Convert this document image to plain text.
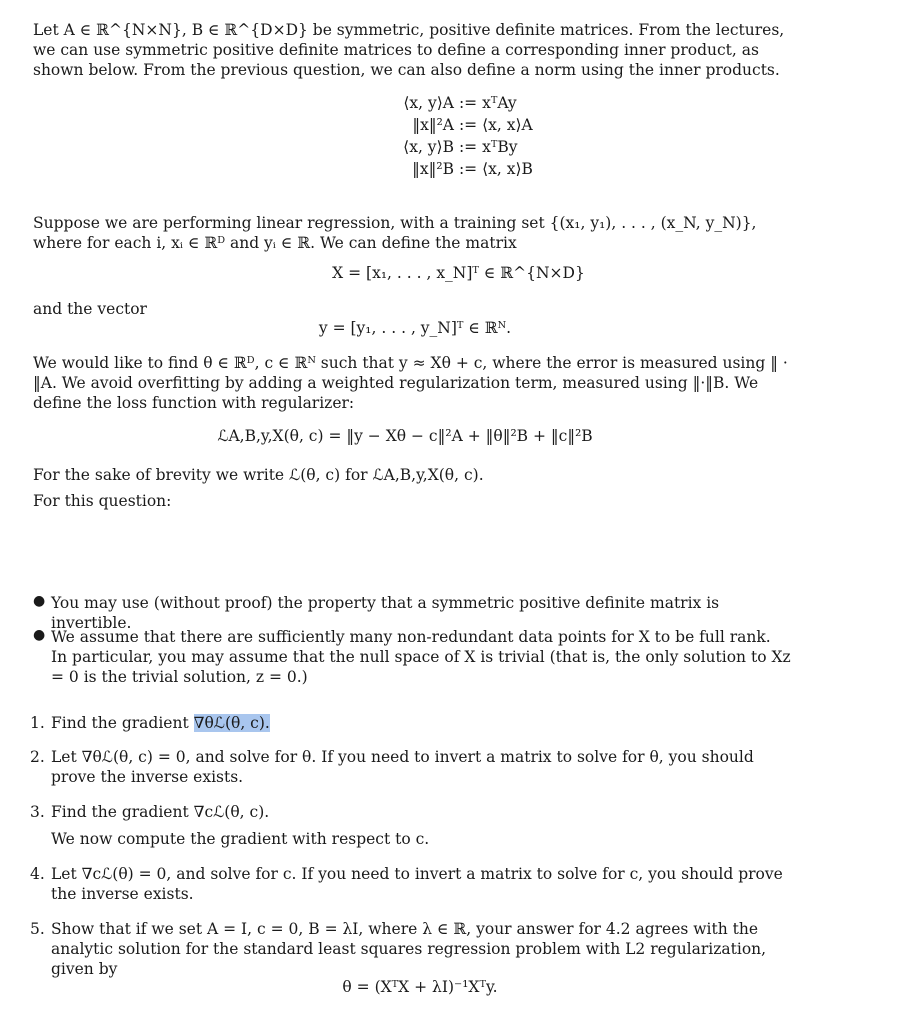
Let A ∈ ℝ^{N×N}, B ∈ ℝ^{D×D} be symmetric, positive definite matrices. From the lectures, we can use symmetric positive definite matrices to define a corresponding inner product, as shown below. From the previous question, we can also define a norm using the inner products.
⟨x, y⟩A := xᵀAy
‖x‖²A := ⟨x, x⟩A
⟨x, y⟩B := xᵀBy
‖x‖²B := ⟨x, x⟩B
Suppose we are performing linear regression, with a training set {(x₁, y₁), . . . , (x_N, y_N)}, where for each i, xᵢ ∈ ℝᴰ and yᵢ ∈ ℝ. We can define the matrix
X = [x₁, . . . , x_N]ᵀ ∈ ℝ^{N×D}
and the vector
y = [y₁, . . . , y_N]ᵀ ∈ ℝᴺ.
We would like to find θ ∈ ℝᴰ, c ∈ ℝᴺ such that y ≈ Xθ + c, where the error is measured using ‖ · ‖A. We avoid overfitting by adding a weighted regularization term, measured using ‖·‖B. We define the loss function with regularizer:
ℒA,B,y,X(θ, c) = ‖y − Xθ − c‖²A + ‖θ‖²B + ‖c‖²B
For the sake of brevity we write ℒ(θ, c) for ℒA,B,y,X(θ, c).
For this question:
● You may use (without proof) the property that a symmetric positive definite matrix is invertible.
● We assume that there are sufficiently many non-redundant data points for X to be full rank. In particular, you may assume that the null space of X is trivial (that is, the only solution to Xz = 0 is the trivial solution, z = 0.)
1. Find the gradient ∇θℒ(θ, c).
2. Let ∇θℒ(θ, c) = 0, and solve for θ. If you need to invert a matrix to solve for θ, you should prove the inverse exists.
3. Find the gradient ∇cℒ(θ, c).
We now compute the gradient with respect to c.
4. Let ∇cℒ(θ) = 0, and solve for c. If you need to invert a matrix to solve for c, you should prove the inverse exists.
5. Show that if we set A = I, c = 0, B = λI, where λ ∈ ℝ, your answer for 4.2 agrees with the analytic solution for the standard least squares regression problem with L2 regularization, given by
θ = (XᵀX + λI)⁻¹Xᵀy.
